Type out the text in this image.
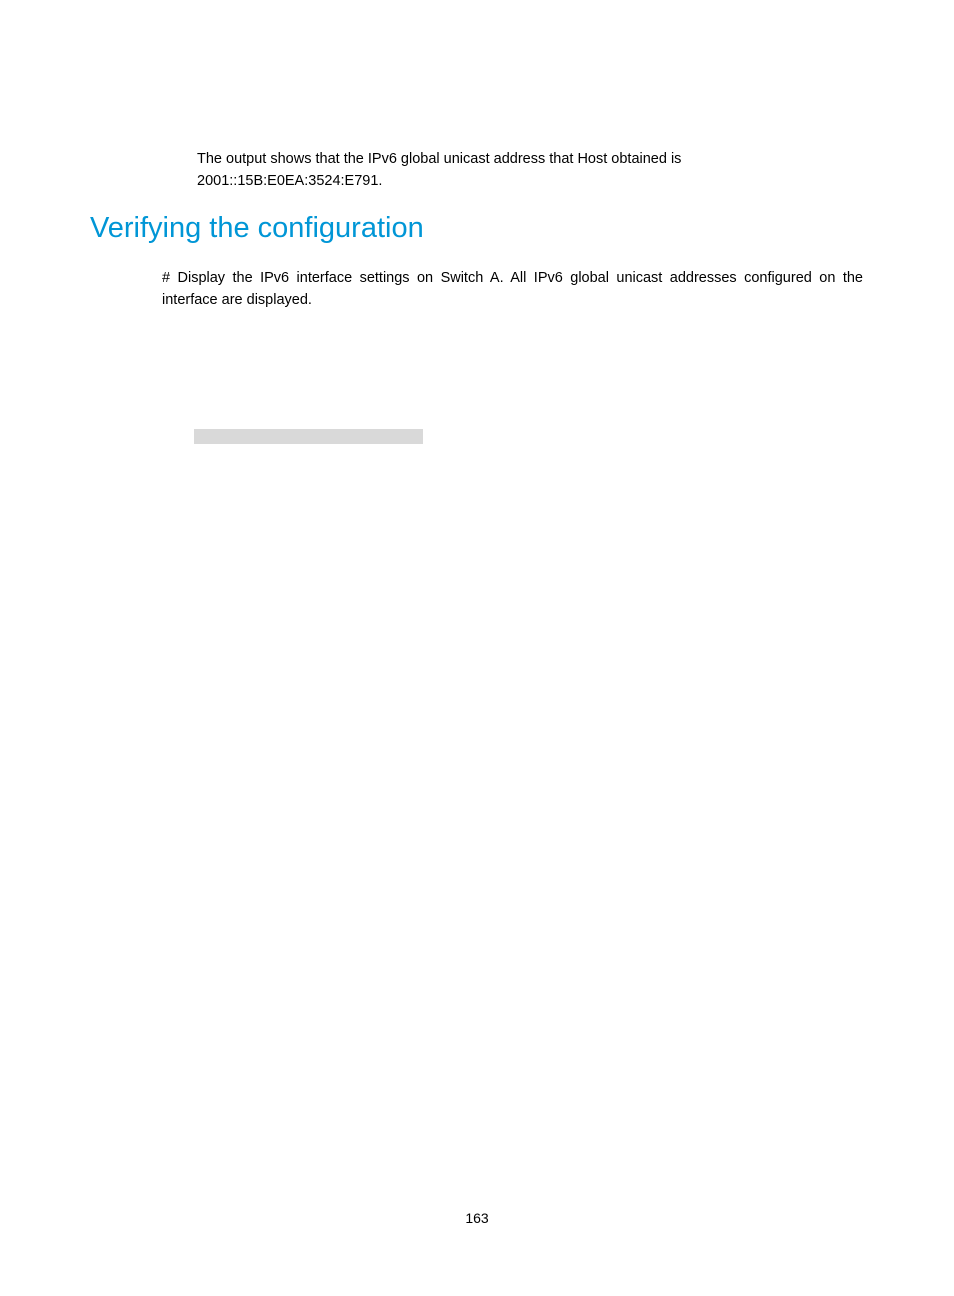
The output shows that the IPv6 global unicast address that Host obtained is

2001::15B:E0EA:3524:E791.

Verifying the configuration

# Display the IPv6 interface settings on Switch A. All IPv6 global unicast addresses configured on the interface are displayed.

163
